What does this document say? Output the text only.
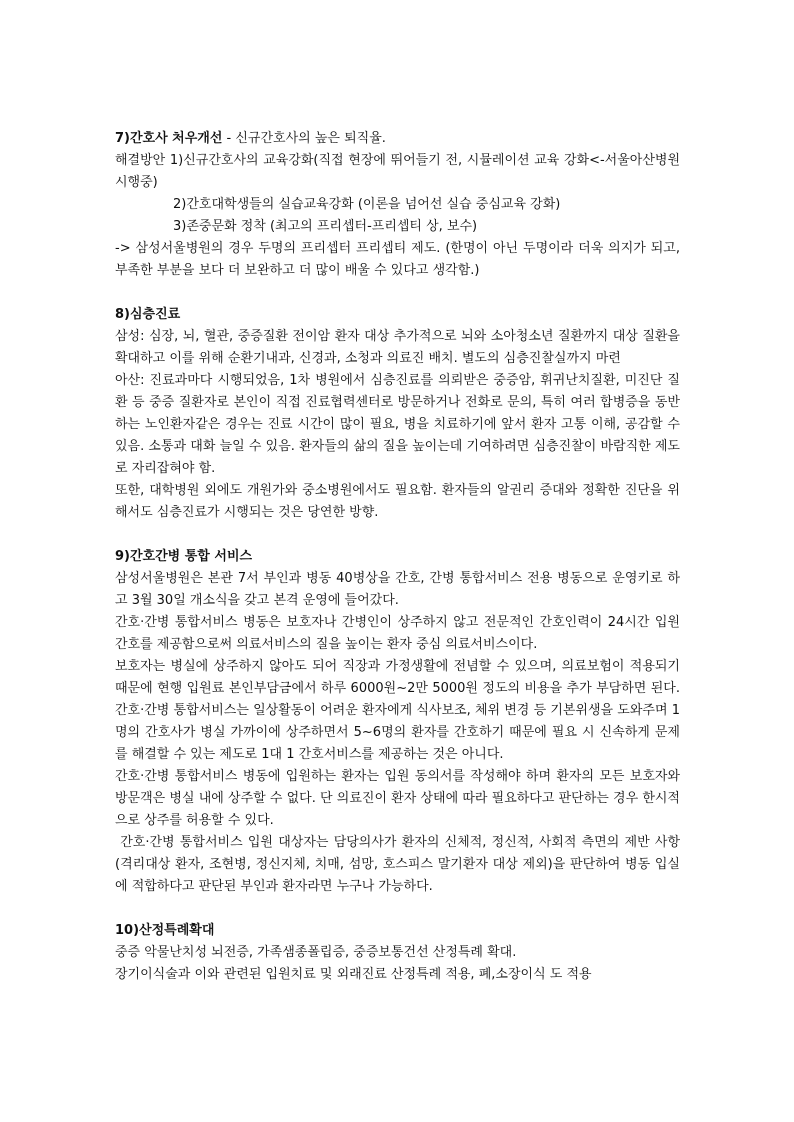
7)간호사 처우개선 - 신규간호사의 높은 퇴직율.

해결방안 1)신규간호사의 교육강화(직접 현장에 뛰어들기 전, 시뮬레이션 교육 강화<-서울아산병원 시행중)

2)간호대학생들의 실습교육강화 (이론을 넘어선 실습 중심교육 강화)

3)존중문화 정착 (최고의 프리셉터-프리셉티 상, 보수)

-> 삼성서울병원의 경우 두명의 프리셉터 프리셉티 제도. (한명이 아닌 두명이라 더욱 의지가 되고, 부족한 부분을 보다 더 보완하고 더 많이 배울 수 있다고 생각함.)

8)심층진료

삼성: 심장, 뇌, 혈관, 중증질환 전이암 환자 대상 추가적으로 뇌와 소아청소년 질환까지 대상 질환을 확대하고 이를 위해 순환기내과, 신경과, 소청과 의료진 배치. 별도의 심층진찰실까지 마련

아산: 진료과마다 시행되었음, 1차 병원에서 심층진료를 의뢰받은 중증암, 휘귀난치질환, 미진단 질환 등 중증 질환자로 본인이 직접 진료협력센터로 방문하거나 전화로 문의, 특히 여러 합병증을 동반하는 노인환자같은 경우는 진료 시간이 많이 필요, 병을 치료하기에 앞서 환자 고통 이해, 공감할 수 있음. 소통과 대화 늘일 수 있음. 환자들의 삶의 질을 높이는데 기여하려면 심층진찰이 바람직한 제도로 자리잡혀야 함.

또한, 대학병원 외에도 개원가와 중소병원에서도 필요함. 환자들의 알권리 증대와 정확한 진단을 위해서도 심층진료가 시행되는 것은 당연한 방향.

9)간호간병 통합 서비스

삼성서울병원은 본관 7서 부인과 병동 40병상을 간호, 간병 통합서비스 전용 병동으로 운영키로 하고 3월 30일 개소식을 갖고 본격 운영에 들어갔다.

간호·간병 통합서비스 병동은 보호자나 간병인이 상주하지 않고 전문적인 간호인력이 24시간 입원 간호를 제공함으로써 의료서비스의 질을 높이는 환자 중심 의료서비스이다.

보호자는 병실에 상주하지 않아도 되어 직장과 가정생활에 전념할 수 있으며, 의료보험이 적용되기 때문에 현행 입원료 본인부담금에서 하루 6000원~2만 5000원 정도의 비용을 추가 부담하면 된다. 간호·간병 통합서비스는 일상활동이 어려운 환자에게 식사보조, 체위 변경 등 기본위생을 도와주며 1명의 간호사가 병실 가까이에 상주하면서 5~6명의 환자를 간호하기 때문에 필요 시 신속하게 문제를 해결할 수 있는 제도로 1대 1 간호서비스를 제공하는 것은 아니다.

간호·간병 통합서비스 병동에 입원하는 환자는 입원 동의서를 작성해야 하며 환자의 모든 보호자와 방문객은 병실 내에 상주할 수 없다. 단 의료진이 환자 상태에 따라 필요하다고 판단하는 경우 한시적으로 상주를 허용할 수 있다.

간호·간병 통합서비스 입원 대상자는 담당의사가 환자의 신체적, 정신적, 사회적 측면의 제반 사항(격리대상 환자, 조현병, 정신지체, 치매, 섬망, 호스피스 말기환자 대상 제외)을 판단하여 병동 입실에 적합하다고 판단된 부인과 환자라면 누구나 가능하다.

10)산정특례확대

중증 악물난치성 뇌전증, 가족샘종폴립증, 중증보통건선 산정특례 확대.

장기이식술과 이와 관련된 입원치료 및 외래진료 산정특례 적용, 폐,소장이식 도 적용
